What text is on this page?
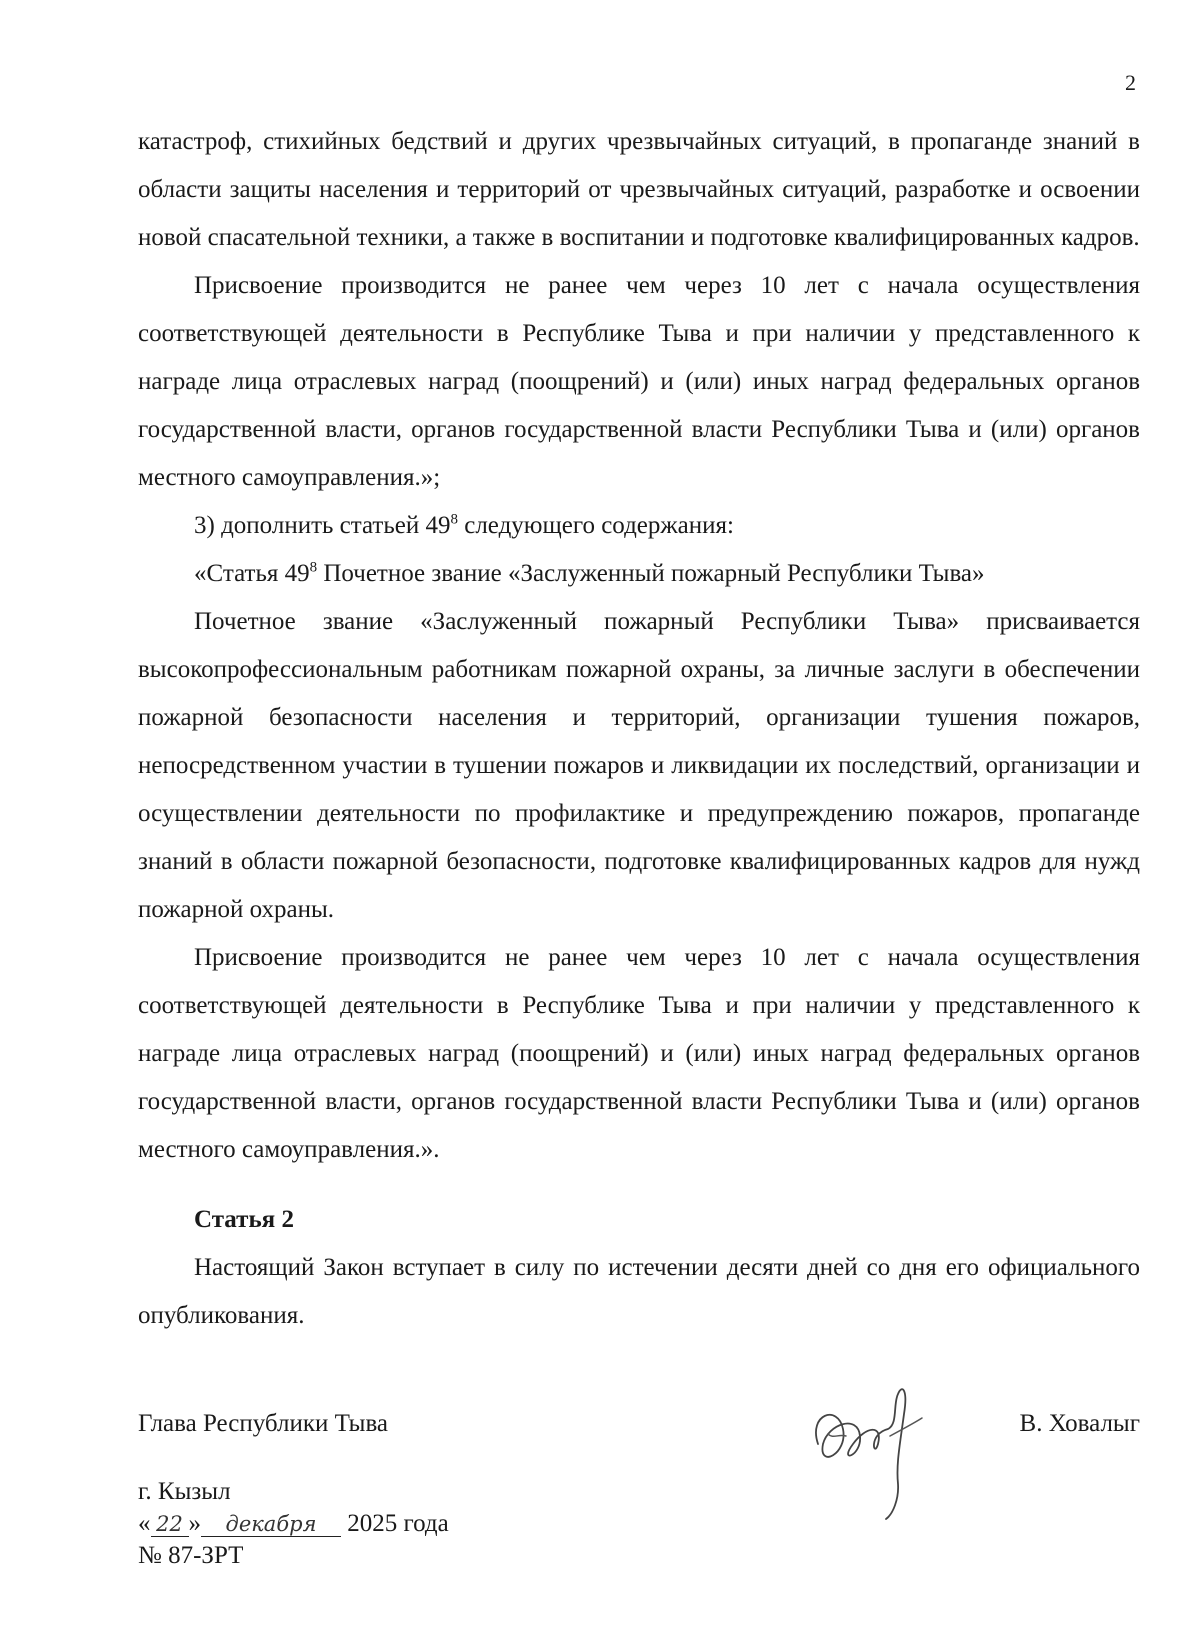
2

катастроф, стихийных бедствий и других чрезвычайных ситуаций, в пропаганде знаний в области защиты населения и территорий от чрезвычайных ситуаций, разработке и освоении новой спасательной техники, а также в воспитании и подготовке квалифицированных кадров.

Присвоение производится не ранее чем через 10 лет с начала осуществления соответствующей деятельности в Республике Тыва и при наличии у представленного к награде лица отраслевых наград (поощрений) и (или) иных наград федеральных органов государственной власти, органов государственной власти Республики Тыва и (или) органов местного самоуправления.»;

3) дополнить статьей $49^8$ следующего содержания:

«Статья $49^8$ Почетное звание «Заслуженный пожарный Республики Тыва»

Почетное звание «Заслуженный пожарный Республики Тыва» присваивается высокопрофессиональным работникам пожарной охраны, за личные заслуги в обеспечении пожарной безопасности населения и территорий, организации тушения пожаров, непосредственном участии в тушении пожаров и ликвидации их последствий, организации и осуществлении деятельности по профилактике и предупреждению пожаров, пропаганде знаний в области пожарной безопасности, подготовке квалифицированных кадров для нужд пожарной охраны.

Присвоение производится не ранее чем через 10 лет с начала осуществления соответствующей деятельности в Республике Тыва и при наличии у представленного к награде лица отраслевых наград (поощрений) и (или) иных наград федеральных органов государственной власти, органов государственной власти Республики Тыва и (или) органов местного самоуправления.».

Статья 2

Настоящий Закон вступает в силу по истечении десяти дней со дня его официального опубликования.

Глава Республики Тыва	В. Ховалыг
г. Кызыл
« 22 » декабря 2025 года
№ 87-ЗРТ
